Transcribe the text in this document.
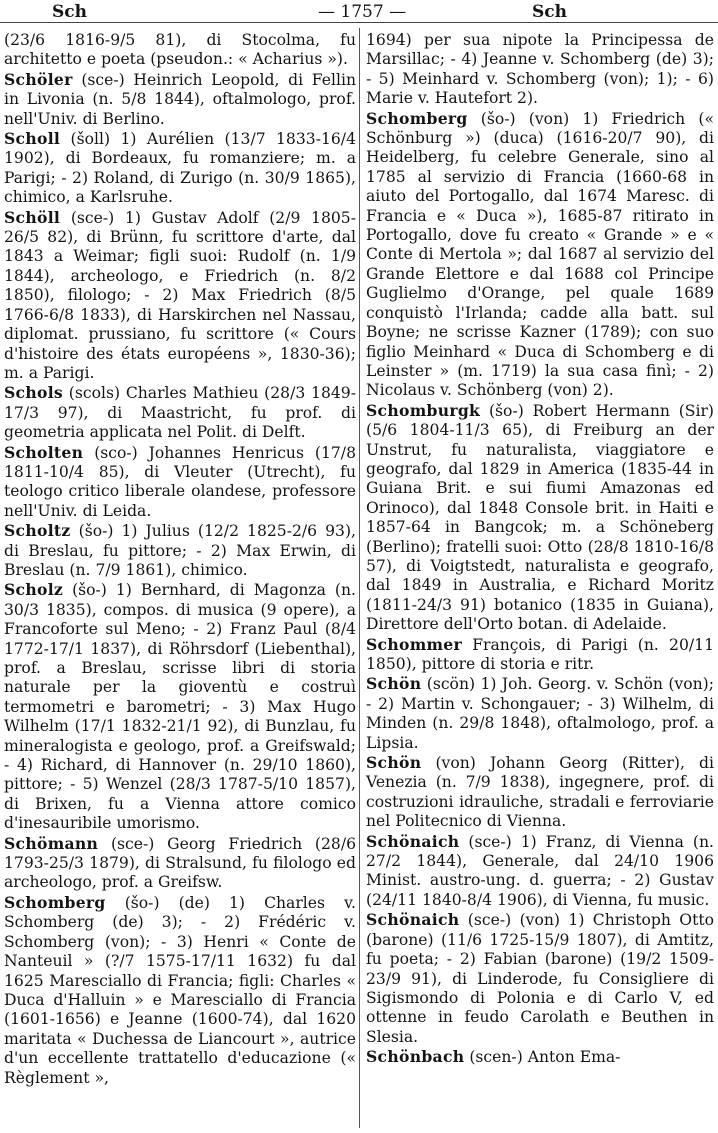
Sch	— 1757 —	Sch

(23/6 1816-9/5 81), di Stocolma, fu architetto e poeta (pseudon.: « Acharius »).

Schöler (sce-) Heinrich Leopold, di Fellin in Livonia (n. 5/8 1844), oftalmologo, prof. nell'Univ. di Berlino.

Scholl (šoll) 1) Aurélien (13/7 1833-16/4 1902), di Bordeaux, fu romanziere; m. a Parigi; - 2) Roland, di Zurigo (n. 30/9 1865), chimico, a Karlsruhe.

Schöll (sce-) 1) Gustav Adolf (2/9 1805-26/5 82), di Brünn, fu scrittore d'arte, dal 1843 a Weimar; figli suoi: Rudolf (n. 1/9 1844), archeologo, e Friedrich (n. 8/2 1850), filologo; - 2) Max Friedrich (8/5 1766-6/8 1833), di Harskirchen nel Nassau, diplomat. prussiano, fu scrittore (« Cours d'histoire des états européens », 1830-36); m. a Parigi.

Schols (scols) Charles Mathieu (28/3 1849-17/3 97), di Maastricht, fu prof. di geometria applicata nel Polit. di Delft.

Scholten (sco-) Johannes Henricus (17/8 1811-10/4 85), di Vleuter (Utrecht), fu teologo critico liberale olandese, professore nell'Univ. di Leida.

Scholtz (šo-) 1) Julius (12/2 1825-2/6 93), di Breslau, fu pittore; - 2) Max Erwin, di Breslau (n. 7/9 1861), chimico.

Scholz (šo-) 1) Bernhard, di Magonza (n. 30/3 1835), compos. di musica (9 opere), a Francoforte sul Meno; - 2) Franz Paul (8/4 1772-17/1 1837), di Röhrsdorf (Liebenthal), prof. a Breslau, scrisse libri di storia naturale per la gioventù e costruì termometri e barometri; - 3) Max Hugo Wilhelm (17/1 1832-21/1 92), di Bunzlau, fu mineralogista e geologo, prof. a Greifswald; - 4) Richard, di Hannover (n. 29/10 1860), pittore; - 5) Wenzel (28/3 1787-5/10 1857), di Brixen, fu a Vienna attore comico d'inesauribile umorismo.

Schömann (sce-) Georg Friedrich (28/6 1793-25/3 1879), di Stralsund, fu filologo ed archeologo, prof. a Greifsw.

Schomberg (šo-) (de) 1) Charles v. Schomberg (de) 3); - 2) Frédéric v. Schomberg (von); - 3) Henri « Conte de Nanteuil » (?/7 1575-17/11 1632) fu dal 1625 Maresciallo di Francia; figli: Charles « Duca d'Halluin » e Maresciallo di Francia (1601-1656) e Jeanne (1600-74), dal 1620 maritata « Duchessa de Liancourt », autrice d'un eccellente trattatello d'educazione (« Règlement »,

1694) per sua nipote la Principessa de Marsillac; - 4) Jeanne v. Schomberg (de) 3); - 5) Meinhard v. Schomberg (von); 1); - 6) Marie v. Hautefort 2).

Schomberg (šo-) (von) 1) Friedrich (« Schönburg ») (duca) (1616-20/7 90), di Heidelberg, fu celebre Generale, sino al 1785 al servizio di Francia (1660-68 in aiuto del Portogallo, dal 1674 Maresc. di Francia e « Duca »), 1685-87 ritirato in Portogallo, dove fu creato « Grande » e « Conte di Mertola »; dal 1687 al servizio del Grande Elettore e dal 1688 col Principe Guglielmo d'Orange, pel quale 1689 conquistò l'Irlanda; cadde alla batt. sul Boyne; ne scrisse Kazner (1789); con suo figlio Meinhard « Duca di Schomberg e di Leinster » (m. 1719) la sua casa finì; - 2) Nicolaus v. Schönberg (von) 2).

Schomburgk (šo-) Robert Hermann (Sir) (5/6 1804-11/3 65), di Freiburg an der Unstrut, fu naturalista, viaggiatore e geografo, dal 1829 in America (1835-44 in Guiana Brit. e sui fiumi Amazonas ed Orinoco), dal 1848 Console brit. in Haiti e 1857-64 in Bangcok; m. a Schöneberg (Berlino); fratelli suoi: Otto (28/8 1810-16/8 57), di Voigtstedt, naturalista e geografo, dal 1849 in Australia, e Richard Moritz (1811-24/3 91) botanico (1835 in Guiana), Direttore dell'Orto botan. di Adelaide.

Schommer François, di Parigi (n. 20/11 1850), pittore di storia e ritr.

Schön (scön) 1) Joh. Georg. v. Schön (von); - 2) Martin v. Schongauer; - 3) Wilhelm, di Minden (n. 29/8 1848), oftalmologo, prof. a Lipsia.

Schön (von) Johann Georg (Ritter), di Venezia (n. 7/9 1838), ingegnere, prof. di costruzioni idrauliche, stradali e ferroviarie nel Politecnico di Vienna.

Schönaich (sce-) 1) Franz, di Vienna (n. 27/2 1844), Generale, dal 24/10 1906 Minist. austro-ung. d. guerra; - 2) Gustav (24/11 1840-8/4 1906), di Vienna, fu music.

Schönaich (sce-) (von) 1) Christoph Otto (barone) (11/6 1725-15/9 1807), di Amtitz, fu poeta; - 2) Fabian (barone) (19/2 1509-23/9 91), di Linderode, fu Consigliere di Sigismondo di Polonia e di Carlo V, ed ottenne in feudo Carolath e Beuthen in Slesia.

Schönbach (scen-) Anton Ema-
